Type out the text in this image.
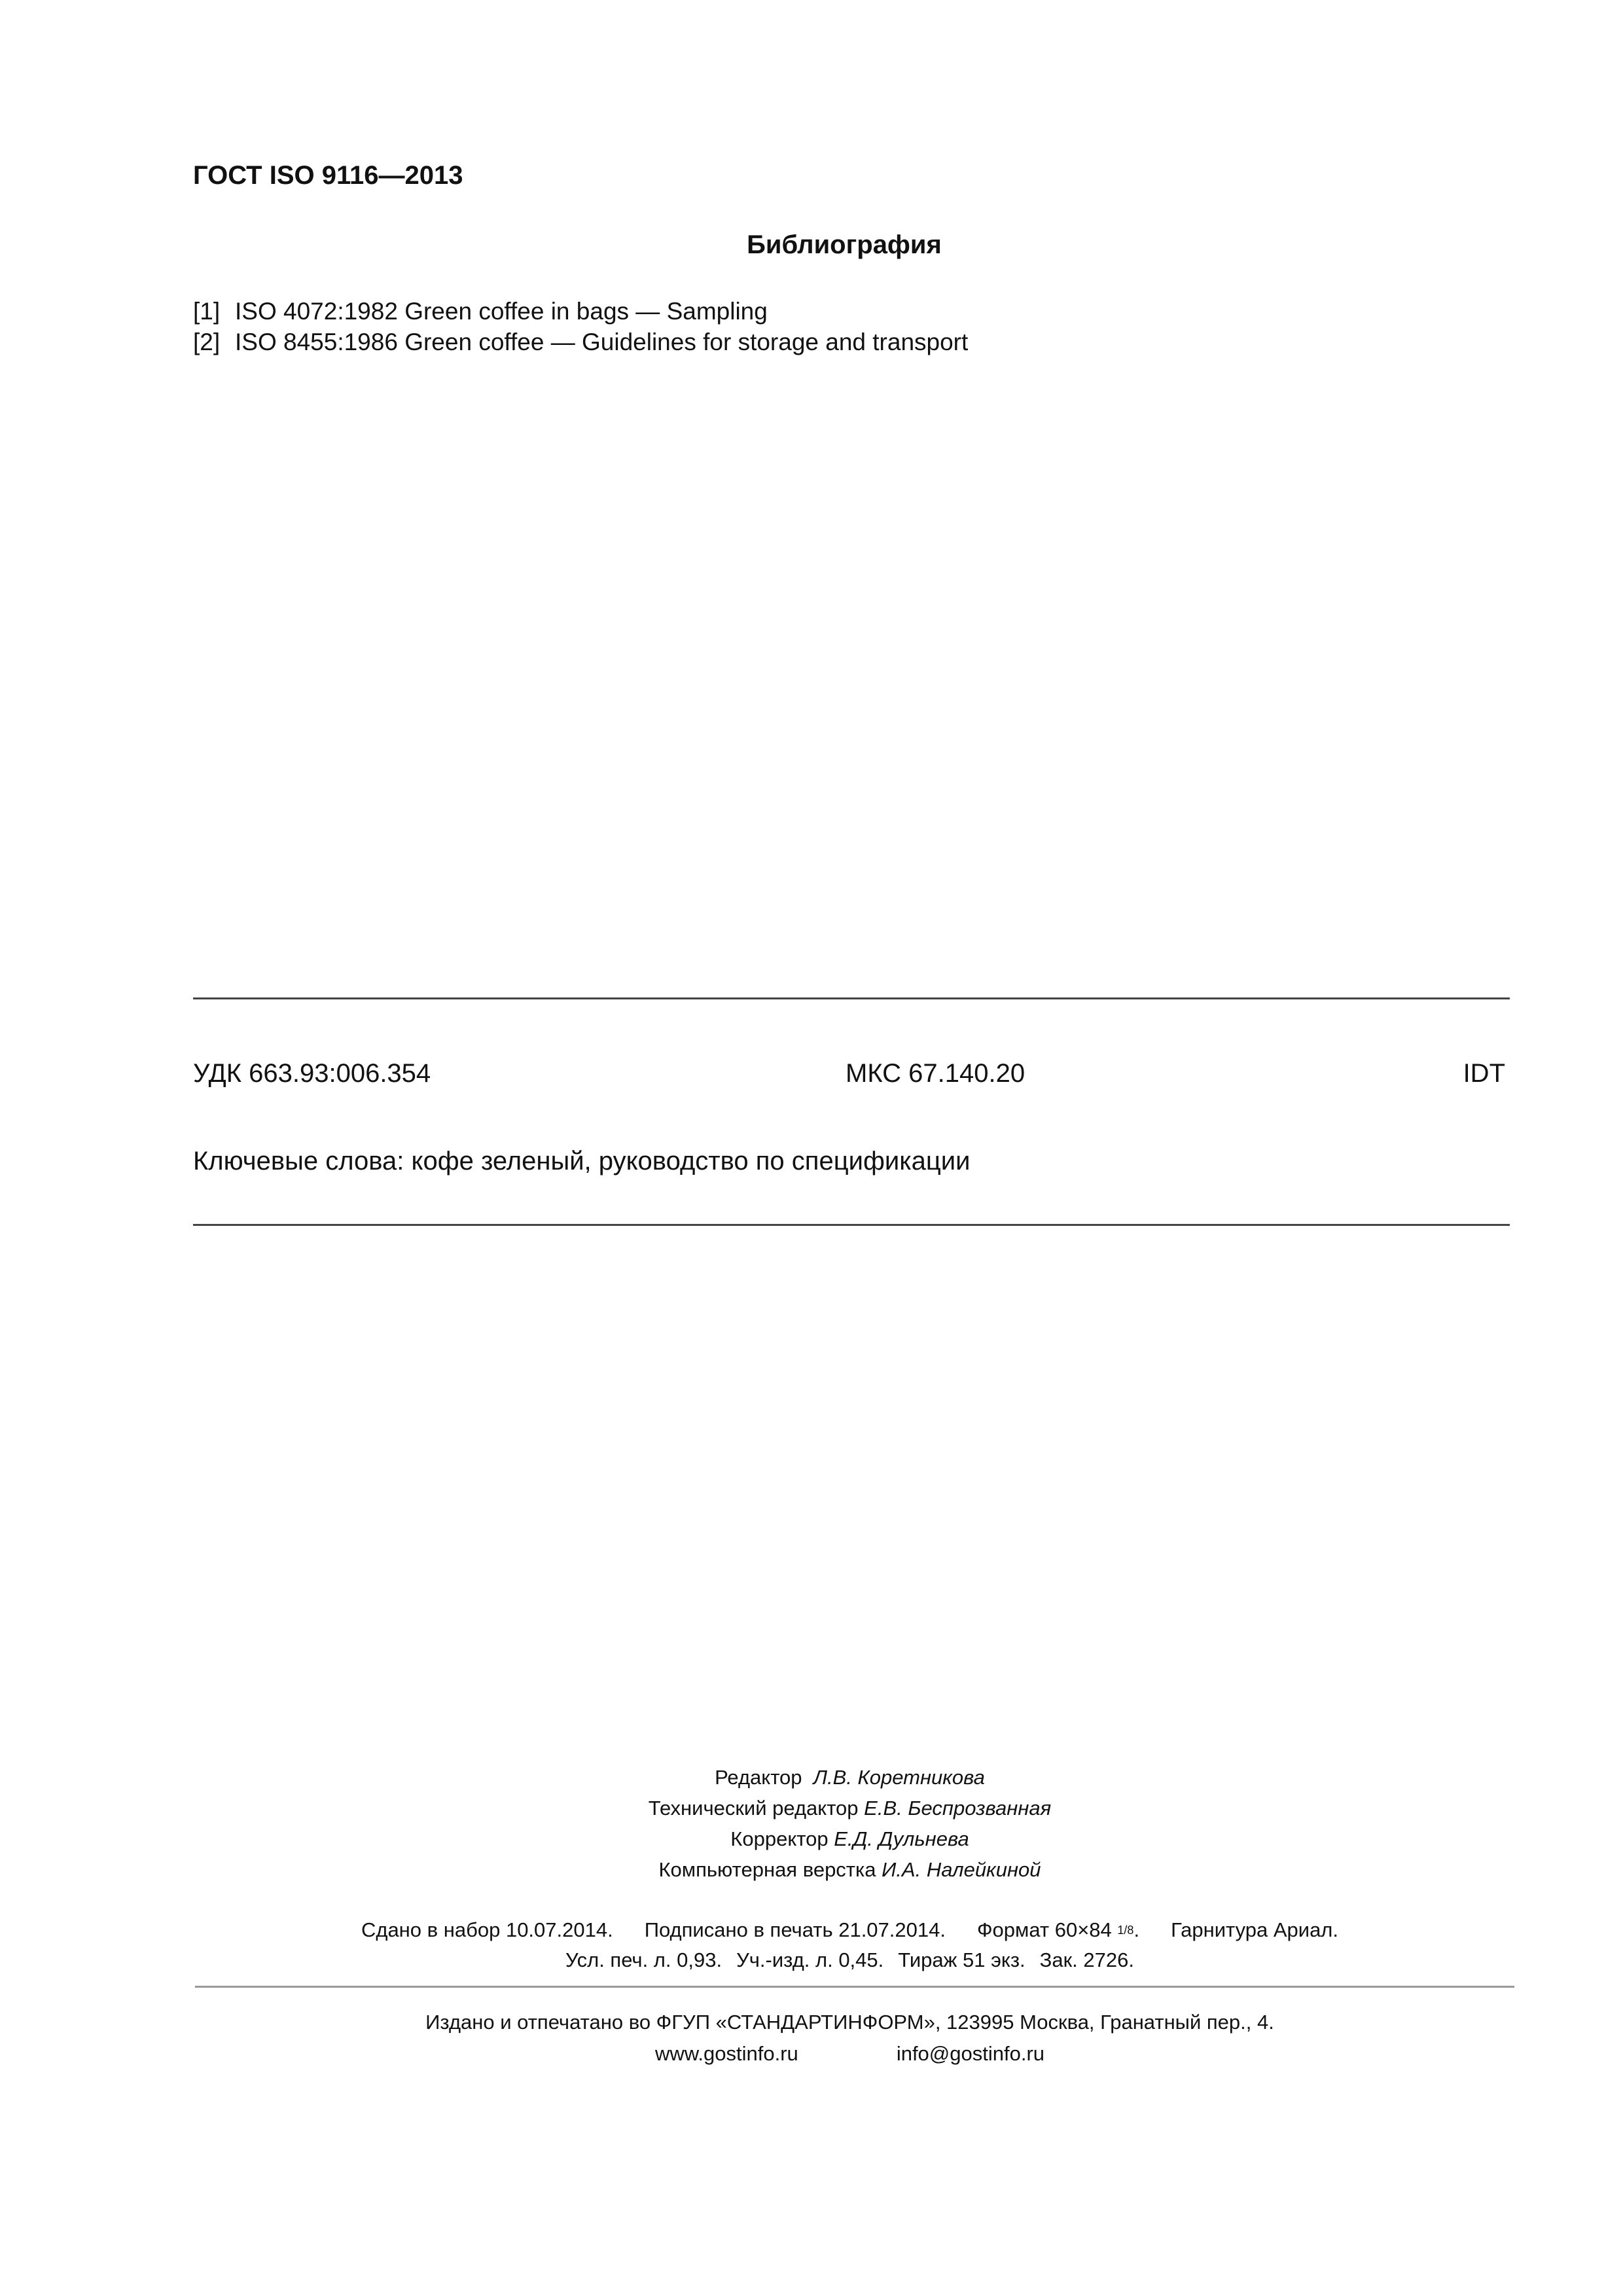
ГОСТ ISO 9116—2013
Библиография
[1] ISO 4072:1982 Green coffee in bags — Sampling
[2] ISO 8455:1986 Green coffee — Guidelines for storage and transport
УДК 663.93:006.354	МКС 67.140.20	IDT
Ключевые слова: кофе зеленый, руководство по спецификации
Редактор Л.В. Коретникова
Технический редактор Е.В. Беспрозванная
Корректор Е.Д. Дульнева
Компьютерная верстка И.А. Налейкиной
Сдано в набор 10.07.2014. Подписано в печать 21.07.2014. Формат 60×84 1/8. Гарнитура Ариал.
Усл. печ. л. 0,93. Уч.-изд. л. 0,45. Тираж 51 экз. Зак. 2726.
Издано и отпечатано во ФГУП «СТАНДАРТИНФОРМ», 123995 Москва, Гранатный пер., 4.
www.gostinfo.ru	info@gostinfo.ru
